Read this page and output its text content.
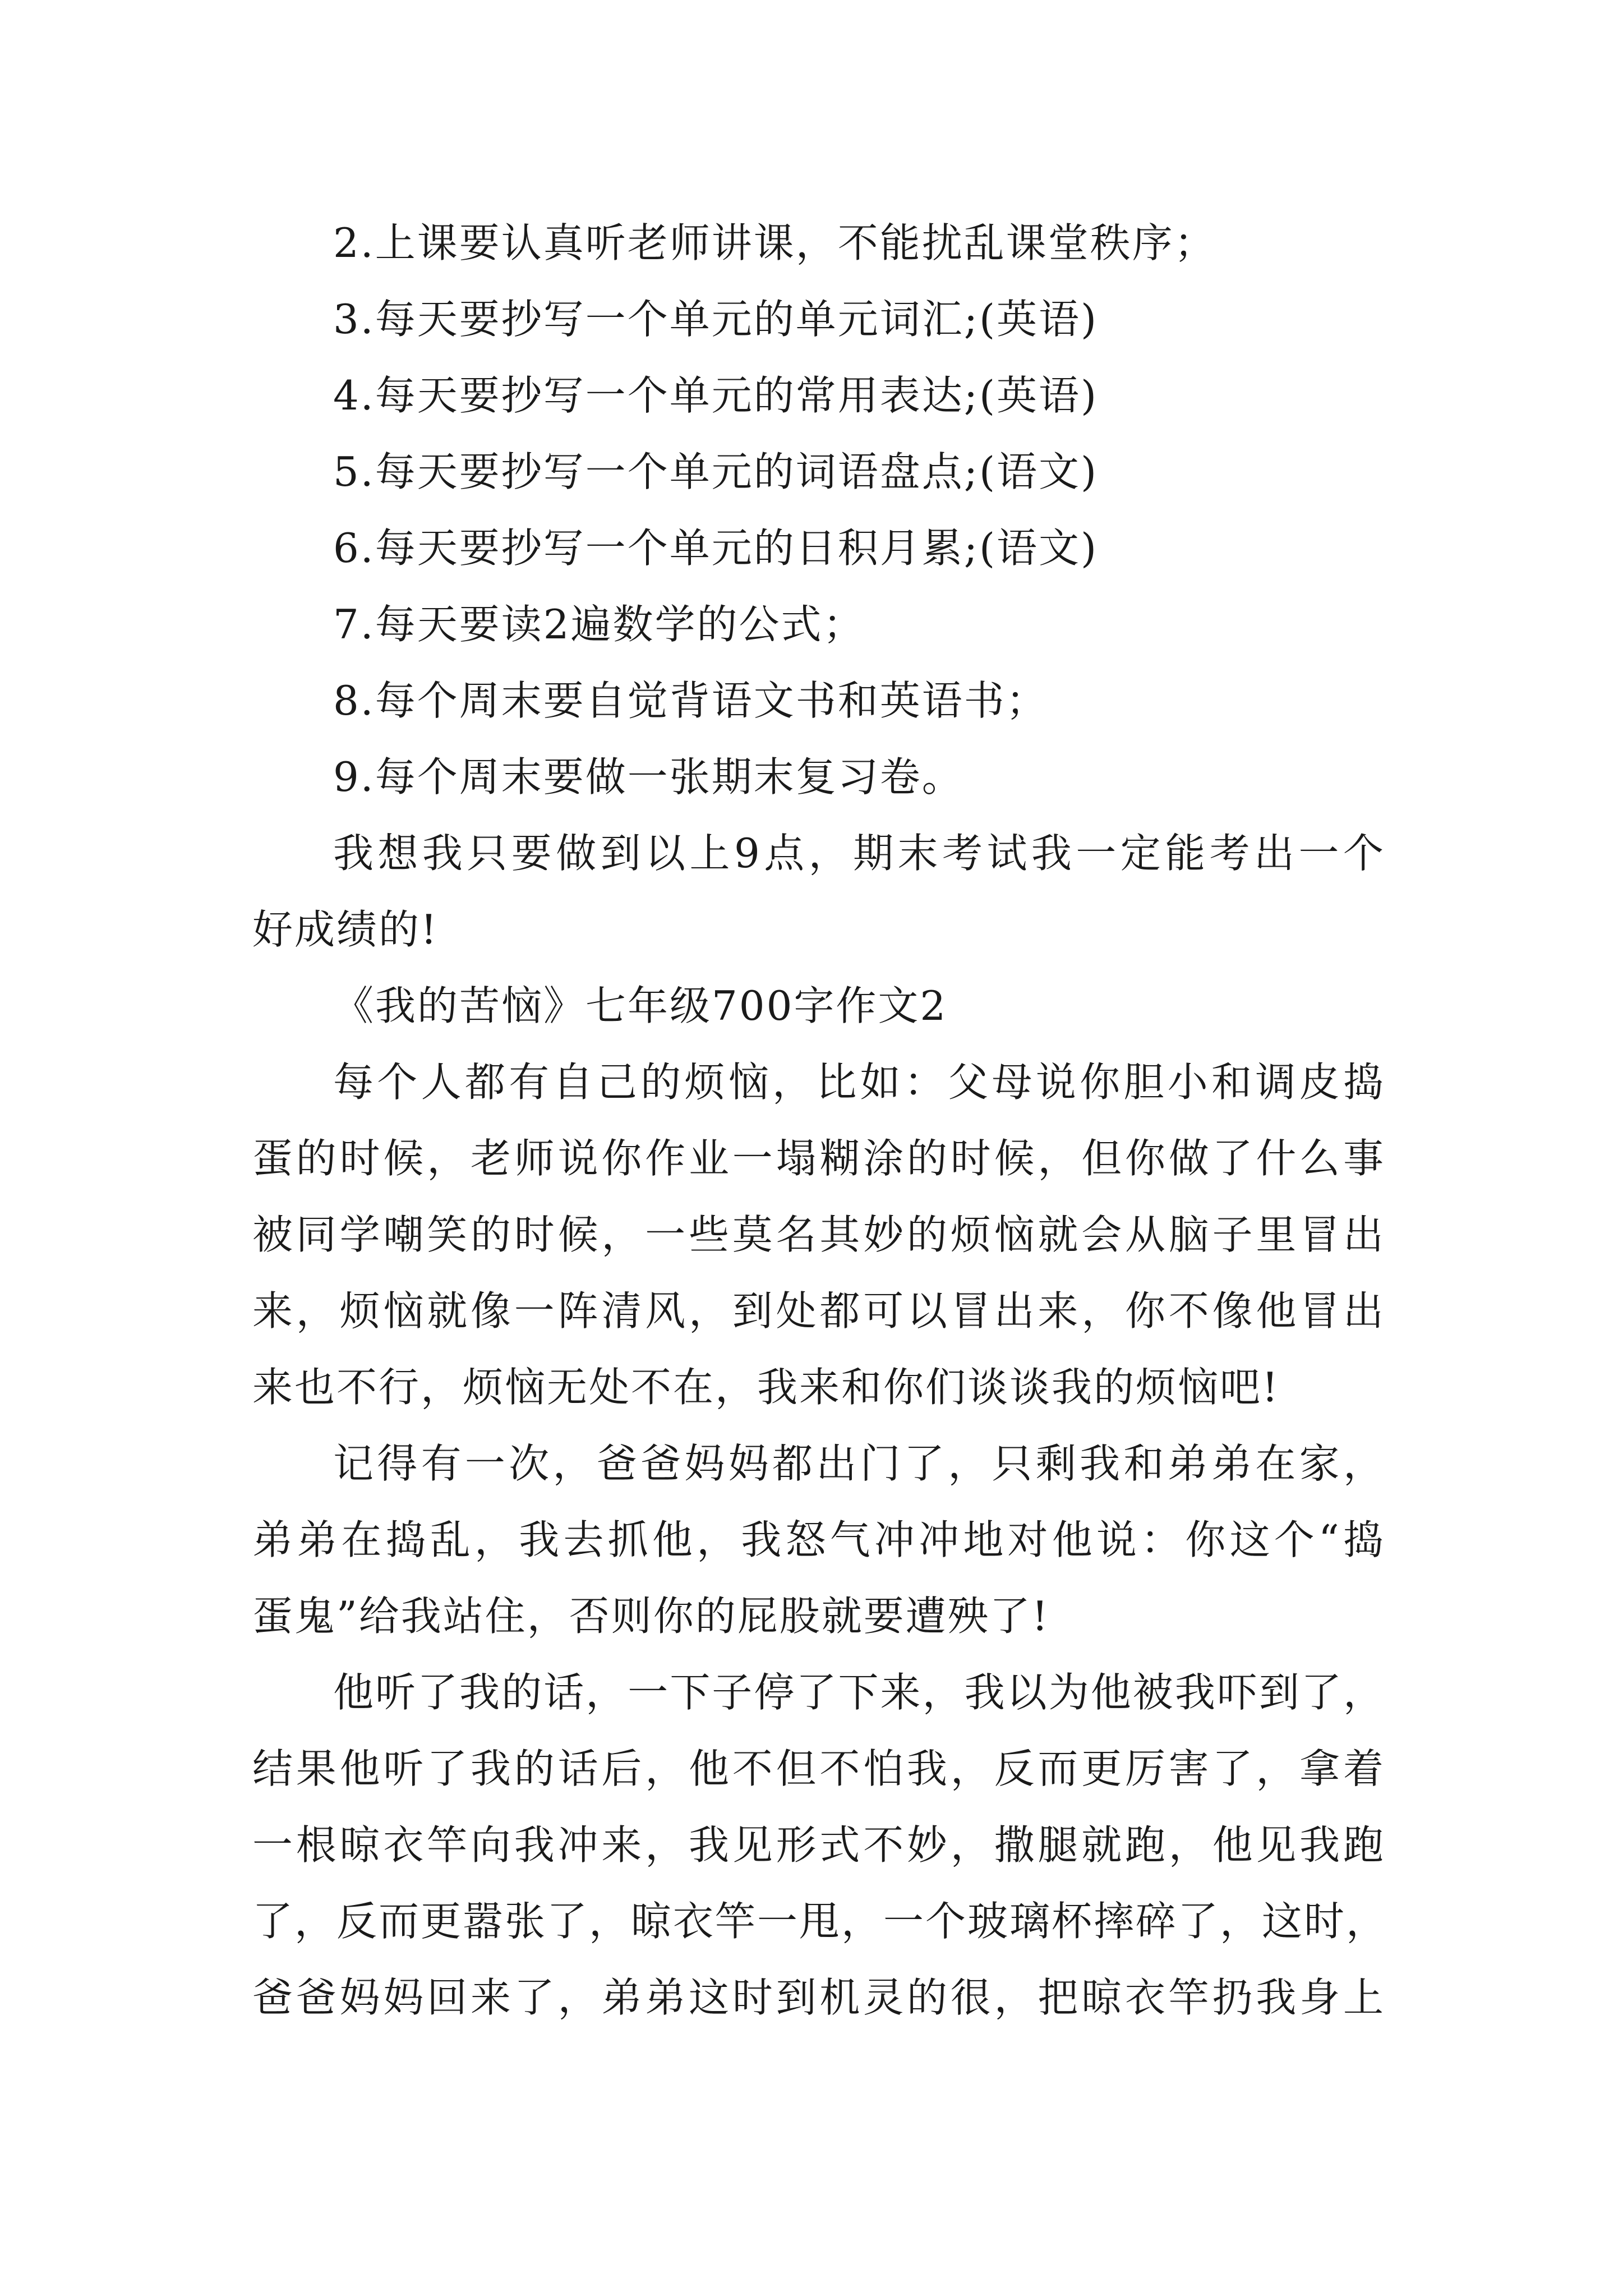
2.上课要认真听老师讲课，不能扰乱课堂秩序；

3.每天要抄写一个单元的单元词汇;(英语)

4.每天要抄写一个单元的常用表达;(英语)

5.每天要抄写一个单元的词语盘点;(语文)

6.每天要抄写一个单元的日积月累;(语文)

7.每天要读2遍数学的公式；

8.每个周末要自觉背语文书和英语书；

9.每个周末要做一张期末复习卷。

我想我只要做到以上9点，期末考试我一定能考出一个

好成绩的!

《我的苦恼》七年级700字作文2

每个人都有自己的烦恼，比如：父母说你胆小和调皮捣

蛋的时候，老师说你作业一塌糊涂的时候，但你做了什么事

被同学嘲笑的时候，一些莫名其妙的烦恼就会从脑子里冒出

来，烦恼就像一阵清风，到处都可以冒出来，你不像他冒出

来也不行，烦恼无处不在，我来和你们谈谈我的烦恼吧!

记得有一次，爸爸妈妈都出门了，只剩我和弟弟在家，

弟弟在捣乱，我去抓他，我怒气冲冲地对他说：你这个“捣

蛋鬼”给我站住，否则你的屁股就要遭殃了!

他听了我的话，一下子停了下来，我以为他被我吓到了，

结果他听了我的话后，他不但不怕我，反而更厉害了，拿着

一根晾衣竿向我冲来，我见形式不妙，撒腿就跑，他见我跑

了，反而更嚣张了，晾衣竿一甩，一个玻璃杯摔碎了，这时，

爸爸妈妈回来了，弟弟这时到机灵的很，把晾衣竿扔我身上
